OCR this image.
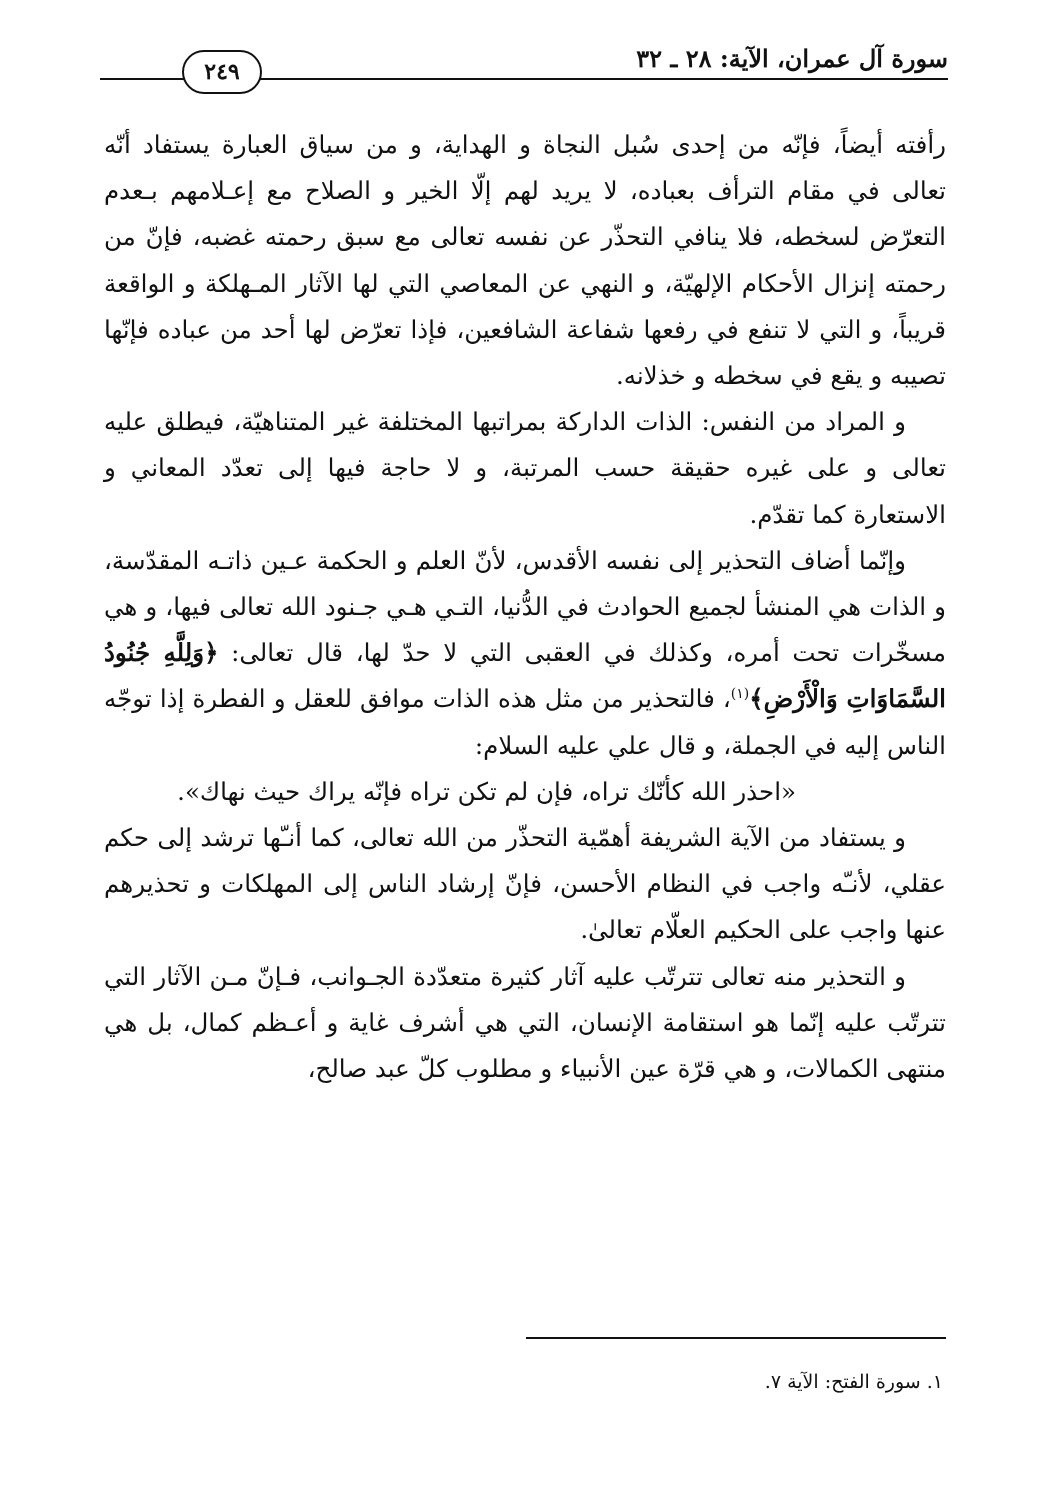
سورة آل عمران، الآية: ٢٨ ـ ٣٢
٢٤٩

رأفته أيضاً، فإنّه من إحدى سُبل النجاة و الهداية، و من سياق العبارة يستفاد أنّه تعالى في مقام الترأف بعباده، لا يريد لهم إلّا الخير و الصلاح مع إعـلامهم بـعدم التعرّض لسخطه، فلا ينافي التحذّر عن نفسه تعالى مع سبق رحمته غضبه، فإنّ من رحمته إنزال الأحكام الإلهيّة، و النهي عن المعاصي التي لها الآثار المـهلكة و الواقعة قريباً، و التي لا تنفع في رفعها شفاعة الشافعين، فإذا تعرّض لها أحد من عباده فإنّها تصيبه و يقع في سخطه و خذلانه.

و المراد من النفس: الذات الداركة بمراتبها المختلفة غير المتناهيّة، فيطلق عليه تعالى و على غيره حقيقة حسب المرتبة، و لا حاجة فيها إلى تعدّد المعاني و الاستعارة كما تقدّم.

وإنّما أضاف التحذير إلى نفسه الأقدس، لأنّ العلم و الحكمة عـين ذاتـه المقدّسة، و الذات هي المنشأ لجميع الحوادث في الدُّنيا، التـي هـي جـنود الله تعالى فيها، و هي مسخّرات تحت أمره، وكذلك في العقبى التي لا حدّ لها، قال تعالى: ﴿وَلِلَّهِ جُنُودُ السَّمَاوَاتِ وَالْأَرْضِ﴾$^{(١)}$، فالتحذير من مثل هذه الذات موافق للعقل و الفطرة إذا توجّه الناس إليه في الجملة، و قال علي عليه السلام:

«احذر الله كأنّك تراه، فإن لم تكن تراه فإنّه يراك حيث نهاك».

و يستفاد من الآية الشريفة أهمّية التحذّر من الله تعالى، كما أنـّها ترشد إلى حكم عقلي، لأنـّه واجب في النظام الأحسن، فإنّ إرشاد الناس إلى المهلكات و تحذيرهم عنها واجب على الحكيم العلّام تعالىٰ.

و التحذير منه تعالى تترتّب عليه آثار كثيرة متعدّدة الجـوانب، فـإنّ مـن الآثار التي تترتّب عليه إنّما هو استقامة الإنسان، التي هي أشرف غاية و أعـظم كمال، بل هي منتهى الكمالات، و هي قرّة عين الأنبياء و مطلوب كلّ عبد صالح،

١. سورة الفتح: الآية ٧.
